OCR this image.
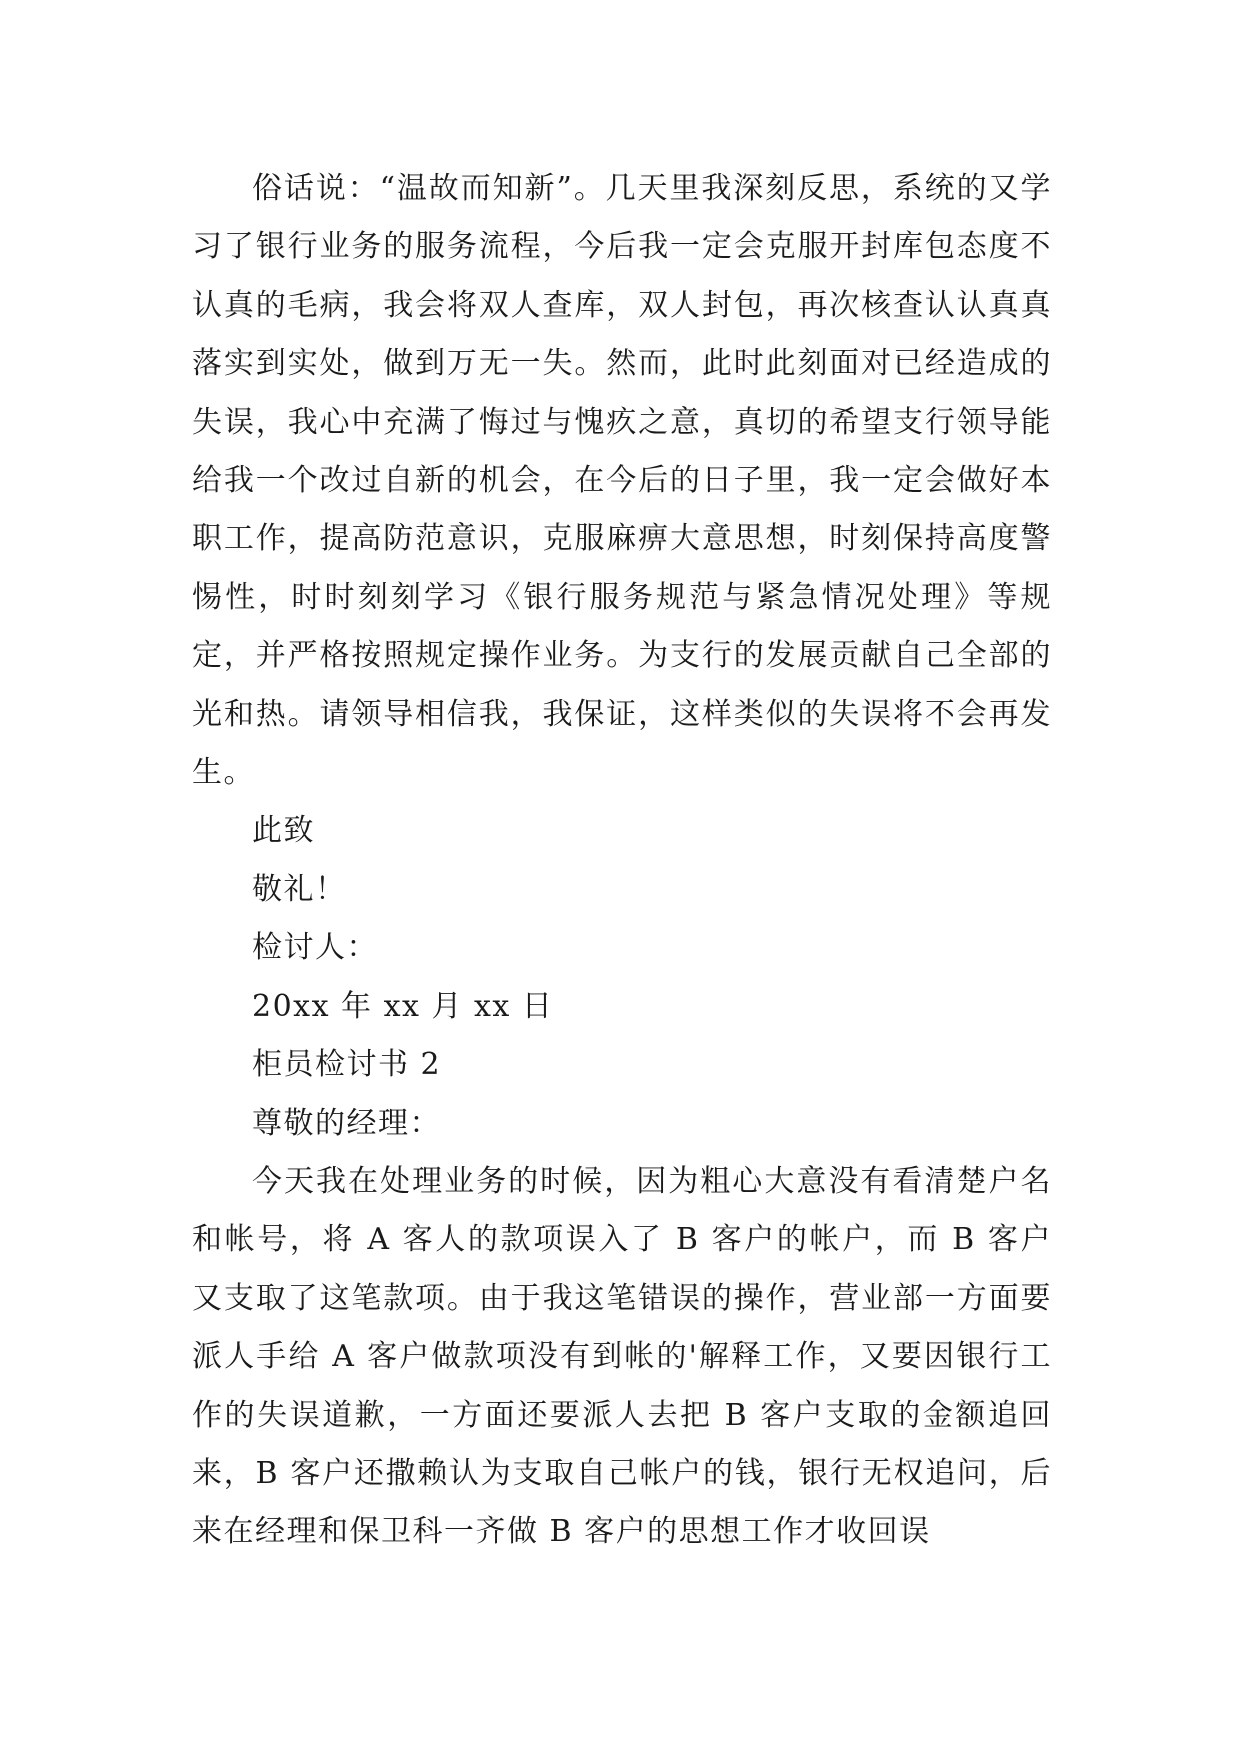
俗话说：“温故而知新”。几天里我深刻反思，系统的又学习了银行业务的服务流程，今后我一定会克服开封库包态度不认真的毛病，我会将双人查库，双人封包，再次核查认认真真落实到实处，做到万无一失。然而，此时此刻面对已经造成的失误，我心中充满了悔过与愧疚之意，真切的希望支行领导能给我一个改过自新的机会，在今后的日子里，我一定会做好本职工作，提高防范意识，克服麻痹大意思想，时刻保持高度警惕性，时时刻刻学习《银行服务规范与紧急情况处理》等规定，并严格按照规定操作业务。为支行的发展贡献自己全部的光和热。请领导相信我，我保证，这样类似的失误将不会再发生。

此致

敬礼！

检讨人：

20xx 年 xx 月 xx 日

柜员检讨书 2

尊敬的经理：

今天我在处理业务的时候，因为粗心大意没有看清楚户名和帐号，将 A 客人的款项误入了 B 客户的帐户，而 B 客户又支取了这笔款项。由于我这笔错误的操作，营业部一方面要派人手给 A 客户做款项没有到帐的'解释工作，又要因银行工作的失误道歉，一方面还要派人去把 B 客户支取的金额追回来，B 客户还撒赖认为支取自己帐户的钱，银行无权追问，后来在经理和保卫科一齐做 B 客户的思想工作才收回误
